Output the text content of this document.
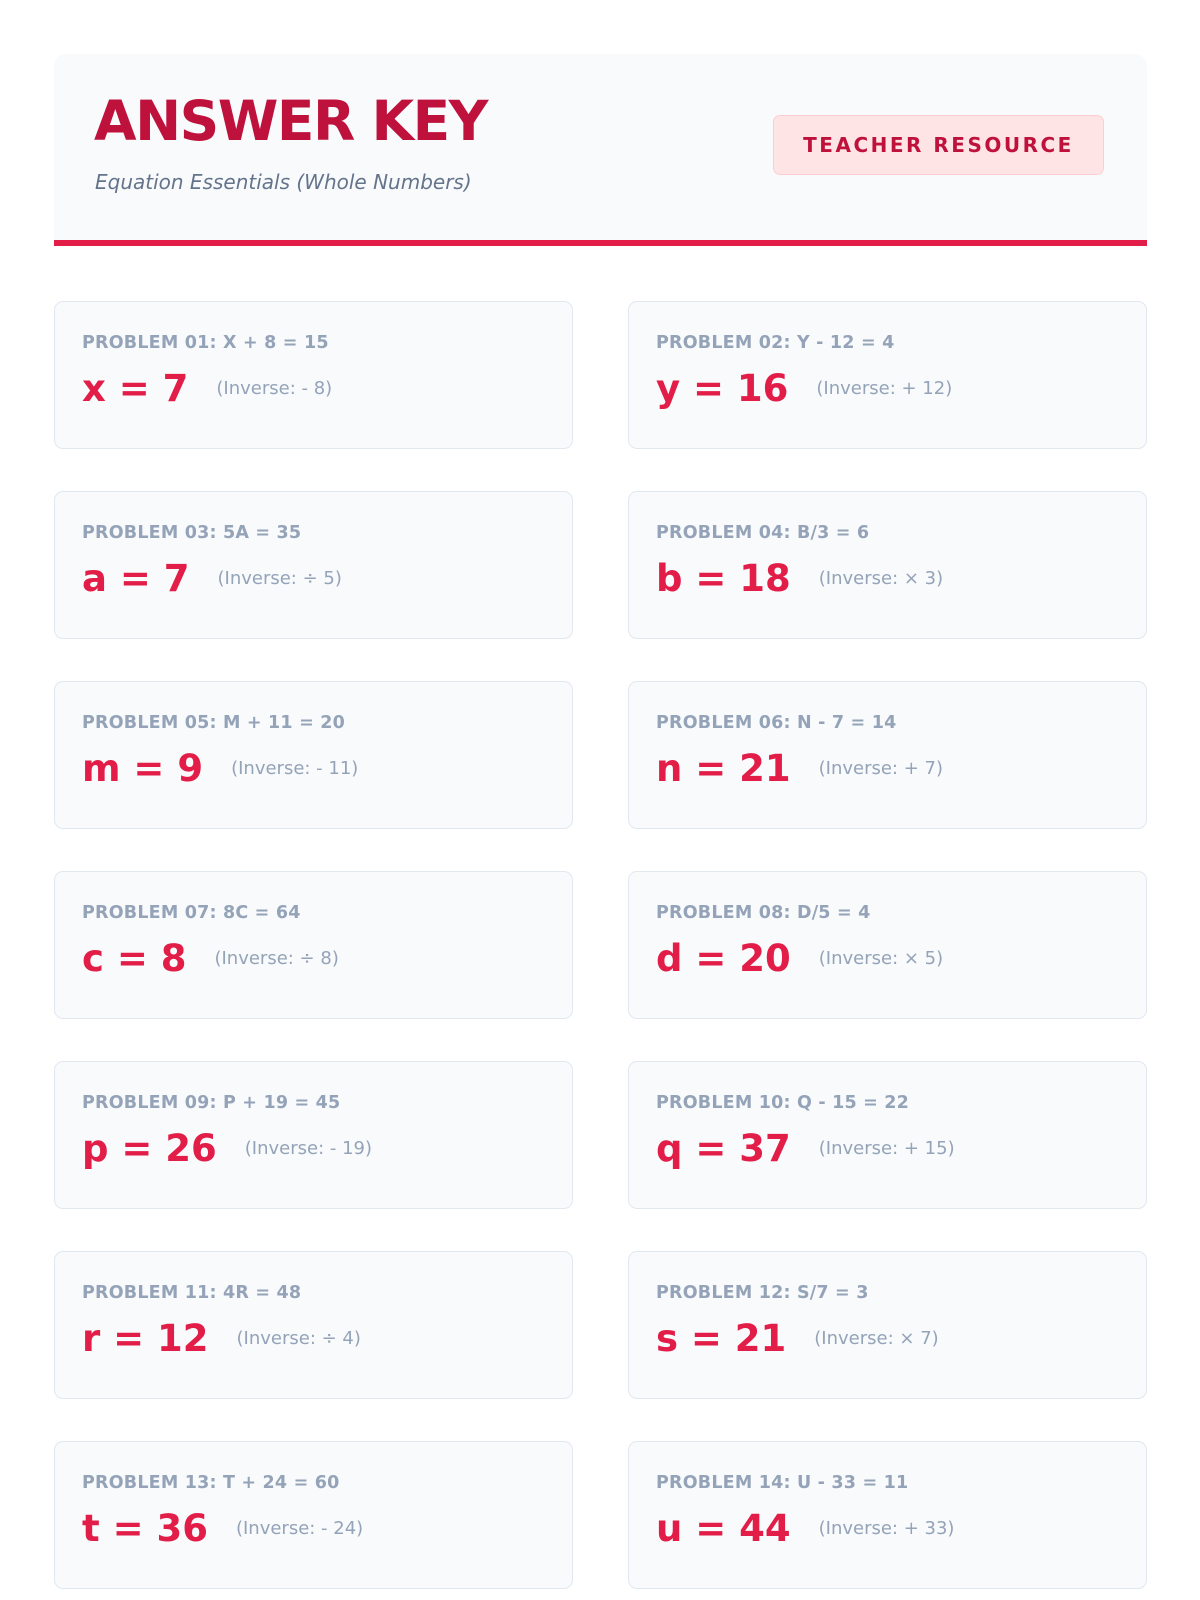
ANSWER KEY
Equation Essentials (Whole Numbers)
TEACHER RESOURCE
PROBLEM 01: X + 8 = 15
x = 7 (Inverse: - 8)
PROBLEM 02: Y - 12 = 4
y = 16 (Inverse: + 12)
PROBLEM 03: 5A = 35
a = 7 (Inverse: ÷ 5)
PROBLEM 04: B/3 = 6
b = 18 (Inverse: × 3)
PROBLEM 05: M + 11 = 20
m = 9 (Inverse: - 11)
PROBLEM 06: N - 7 = 14
n = 21 (Inverse: + 7)
PROBLEM 07: 8C = 64
c = 8 (Inverse: ÷ 8)
PROBLEM 08: D/5 = 4
d = 20 (Inverse: × 5)
PROBLEM 09: P + 19 = 45
p = 26 (Inverse: - 19)
PROBLEM 10: Q - 15 = 22
q = 37 (Inverse: + 15)
PROBLEM 11: 4R = 48
r = 12 (Inverse: ÷ 4)
PROBLEM 12: S/7 = 3
s = 21 (Inverse: × 7)
PROBLEM 13: T + 24 = 60
t = 36 (Inverse: - 24)
PROBLEM 14: U - 33 = 11
u = 44 (Inverse: + 33)
